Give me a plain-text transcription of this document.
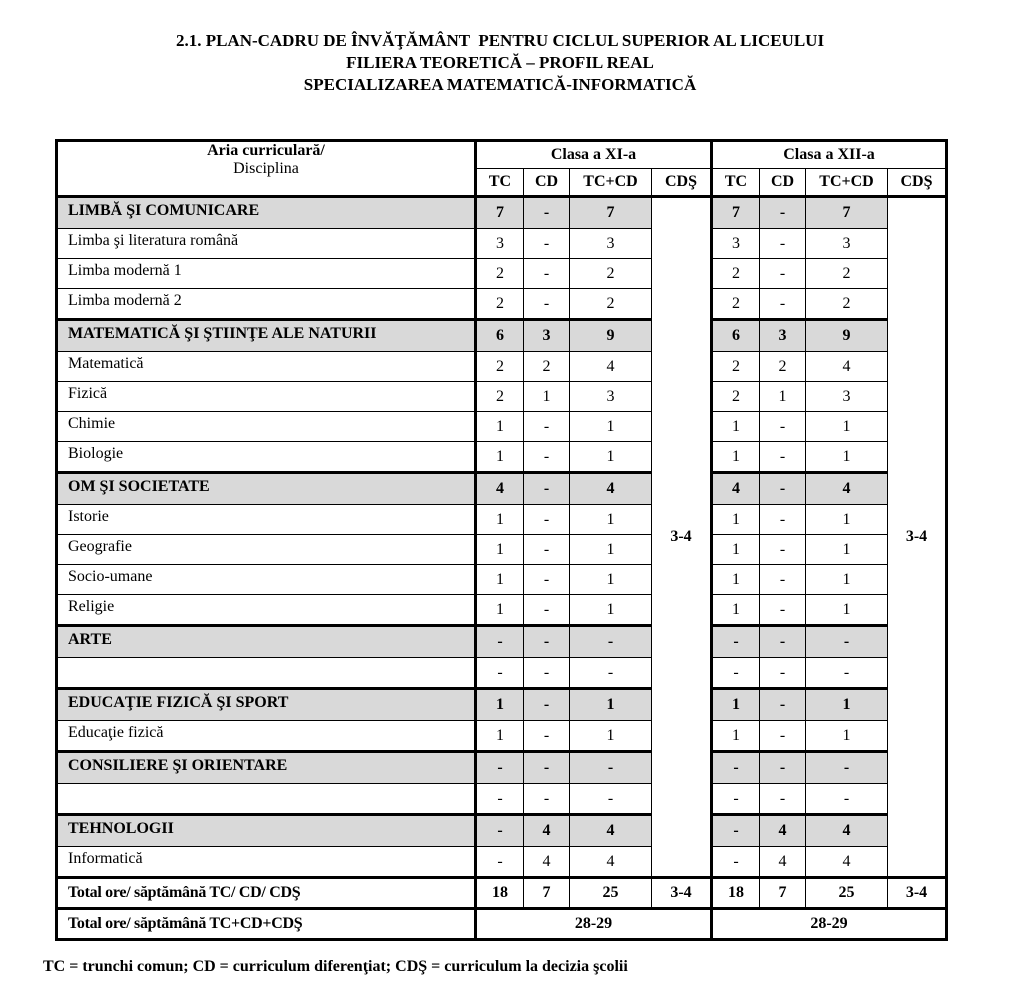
2.1. PLAN-CADRU DE ÎNVĂŢĂMÂNT  PENTRU CICLUL SUPERIOR AL LICEULUI
FILIERA TEORETICĂ – PROFIL REAL
SPECIALIZAREA MATEMATICĂ-INFORMATICĂ
Aria curriculară/
Disciplina	Clasa a XI-a				Clasa a XII-a			
	TC	CD	TC+CD	CDŞ	TC	CD	TC+CD	CDŞ
LIMBĂ ŞI COMUNICARE	7	-	7	3-4	7	-	7	3-4
Limba şi literatura română	3	-	3		3	-	3	
Limba modernă 1	2	-	2		2	-	2	
Limba modernă 2	2	-	2		2	-	2	
MATEMATICĂ ŞI ŞTIINŢE ALE NATURII	6	3	9		6	3	9	
Matematică	2	2	4		2	2	4	
Fizică	2	1	3		2	1	3	
Chimie	1	-	1		1	-	1	
Biologie	1	-	1		1	-	1	
OM ŞI SOCIETATE	4	-	4		4	-	4	
Istorie	1	-	1		1	-	1	
Geografie	1	-	1		1	-	1	
Socio-umane	1	-	1		1	-	1	
Religie	1	-	1		1	-	1	
ARTE	-	-	-		-	-	-	
	-	-	-		-	-	-	
EDUCAŢIE FIZICĂ ŞI SPORT	1	-	1		1	-	1	
Educaţie fizică	1	-	1		1	-	1	
CONSILIERE ŞI ORIENTARE	-	-	-		-	-	-	
	-	-	-		-	-	-	
TEHNOLOGII	-	4	4		-	4	4	
Informatică	-	4	4		-	4	4	
Total ore/ săptămână TC/ CD/ CDŞ	18	7	25	3-4	18	7	25	3-4
Total ore/ săptămână TC+CD+CDŞ	28-29				28-29			
TC = trunchi comun; CD = curriculum diferenţiat; CDŞ = curriculum la decizia şcolii
